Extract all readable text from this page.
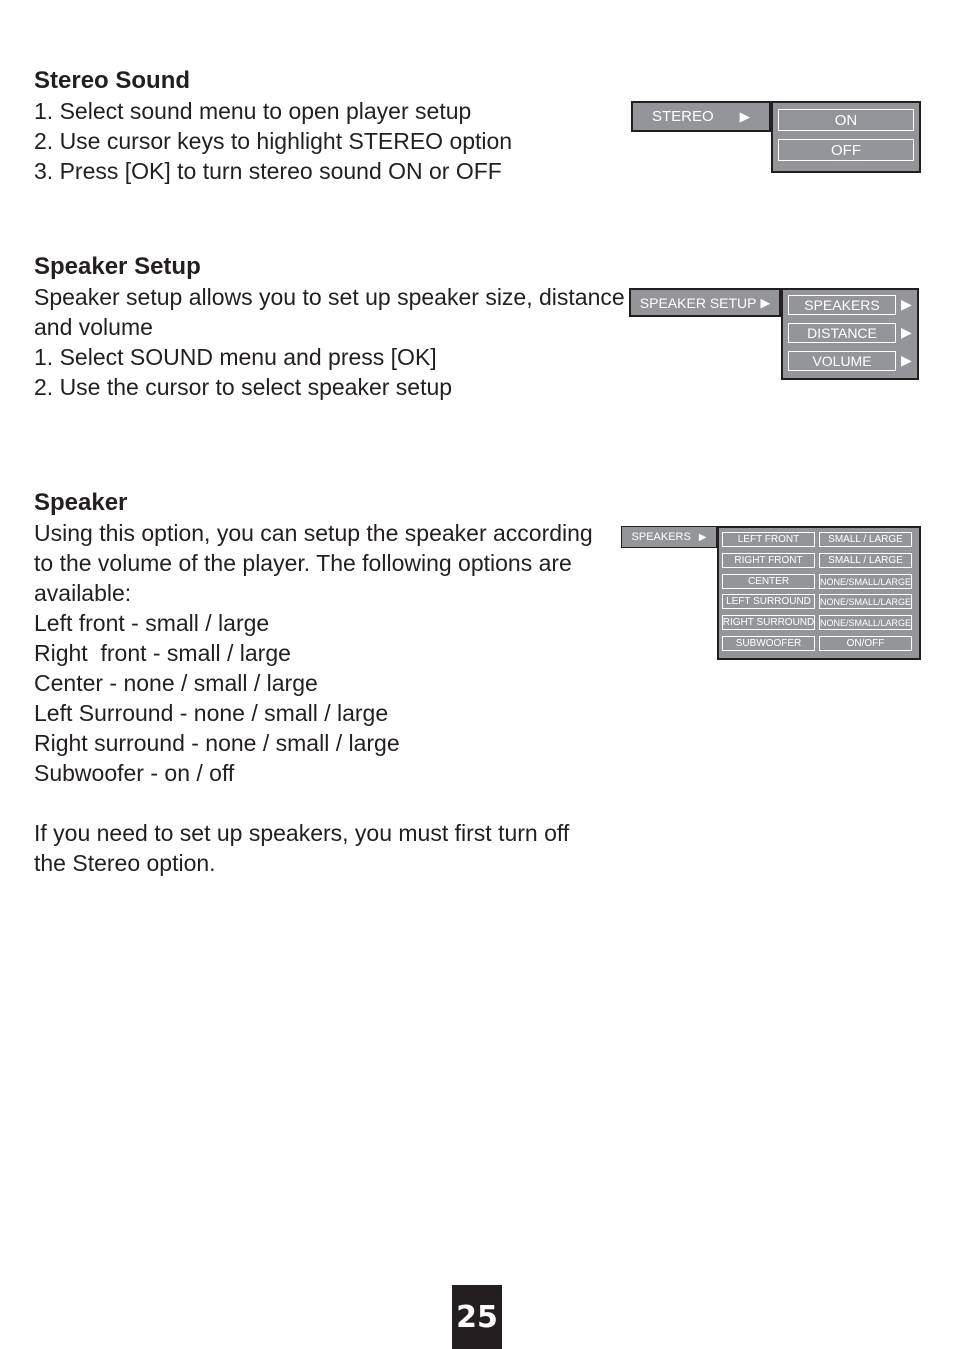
Stereo Sound

1. Select sound menu to open player setup

2. Use cursor keys to highlight STEREO option

3. Press [OK] to turn stereo sound ON or OFF

STEREO ▶	ON
OFF
Speaker Setup

Speaker setup allows you to set up speaker size, distance

and volume

1. Select SOUND menu and press [OK]

2. Use the cursor to select speaker setup

SPEAKER SETUP ▶	SPEAKERS	▶
DISTANCE	▶
VOLUME	▶
Speaker

Using this option, you can setup the speaker according

to the volume of the player. The following options are

available:

Left front - small / large

Right  front - small / large

Center - none / small / large

Left Surround - none / small / large

Right surround - none / small / large

Subwoofer - on / off

If you need to set up speakers, you must first turn off

the Stereo option.

SPEAKERS ▶	LEFT FRONT	SMALL / LARGE
RIGHT FRONT	SMALL / LARGE
CENTER	NONE/SMALL/LARGE
LEFT SURROUND	NONE/SMALL/LARGE
RIGHT SURROUND NONE/SMALL/LARGE
SUBWOOFER	ON/OFF
25
